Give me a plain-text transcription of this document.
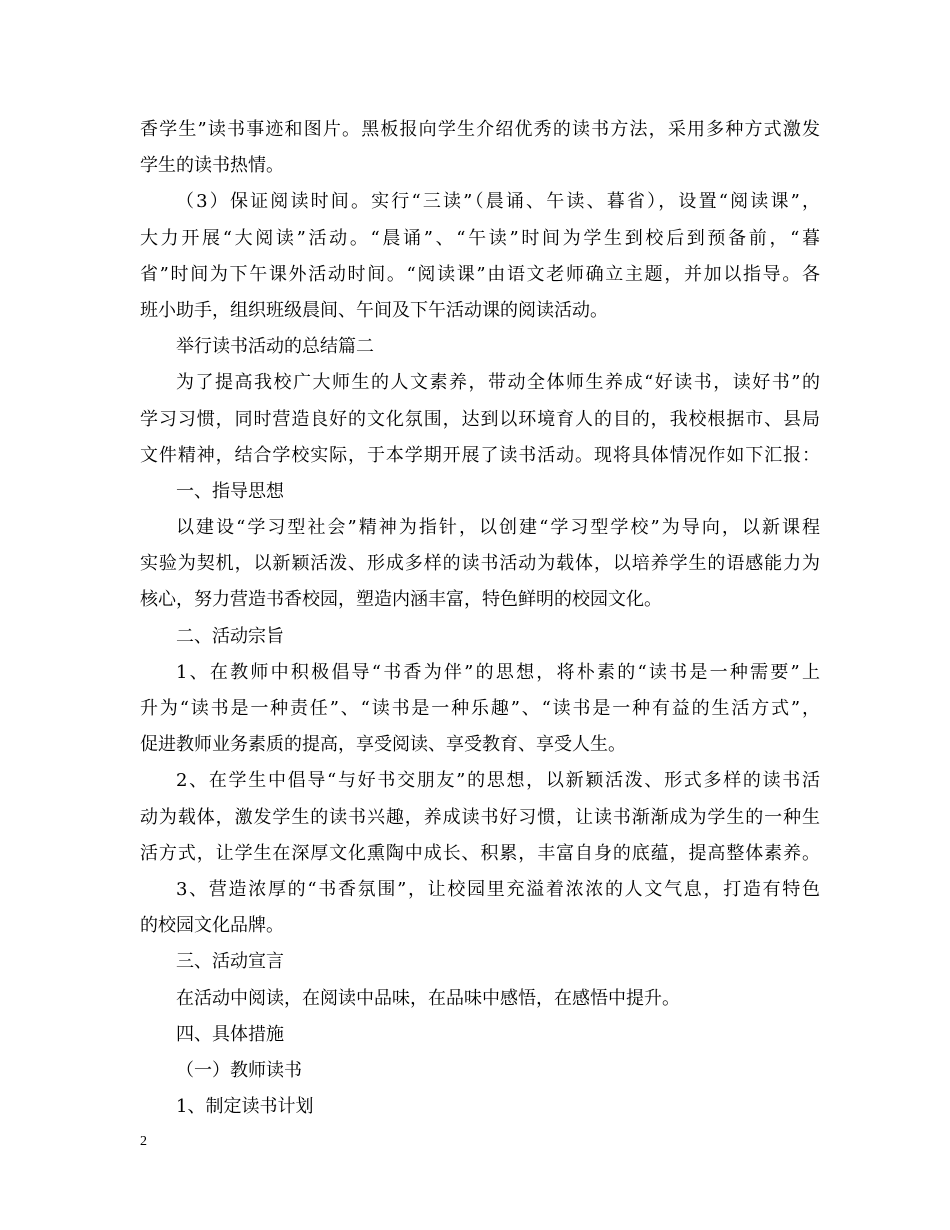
香学生”读书事迹和图片。黑板报向学生介绍优秀的读书方法，采用多种方式激发
学生的读书热情。
（3）保证阅读时间。实行“三读”（晨诵、午读、暮省），设置“阅读课”，
大力开展“大阅读”活动。“晨诵”、“午读”时间为学生到校后到预备前，“暮
省”时间为下午课外活动时间。“阅读课”由语文老师确立主题，并加以指导。各
班小助手，组织班级晨间、午间及下午活动课的阅读活动。
举行读书活动的总结篇二
为了提高我校广大师生的人文素养，带动全体师生养成“好读书，读好书”的
学习习惯，同时营造良好的文化氛围，达到以环境育人的目的，我校根据市、县局
文件精神，结合学校实际，于本学期开展了读书活动。现将具体情况作如下汇报：
一、指导思想
以建设“学习型社会”精神为指针，以创建“学习型学校”为导向，以新课程
实验为契机，以新颖活泼、形成多样的读书活动为载体，以培养学生的语感能力为
核心，努力营造书香校园，塑造内涵丰富，特色鲜明的校园文化。
二、活动宗旨
1、在教师中积极倡导“书香为伴”的思想，将朴素的“读书是一种需要”上
升为“读书是一种责任”、“读书是一种乐趣”、“读书是一种有益的生活方式”，
促进教师业务素质的提高，享受阅读、享受教育、享受人生。
2、在学生中倡导“与好书交朋友”的思想，以新颖活泼、形式多样的读书活
动为载体，激发学生的读书兴趣，养成读书好习惯，让读书渐渐成为学生的一种生
活方式，让学生在深厚文化熏陶中成长、积累，丰富自身的底蕴，提高整体素养。
3、营造浓厚的“书香氛围”，让校园里充溢着浓浓的人文气息，打造有特色
的校园文化品牌。
三、活动宣言
在活动中阅读，在阅读中品味，在品味中感悟，在感悟中提升。
四、具体措施
（一）教师读书
1、制定读书计划
2
